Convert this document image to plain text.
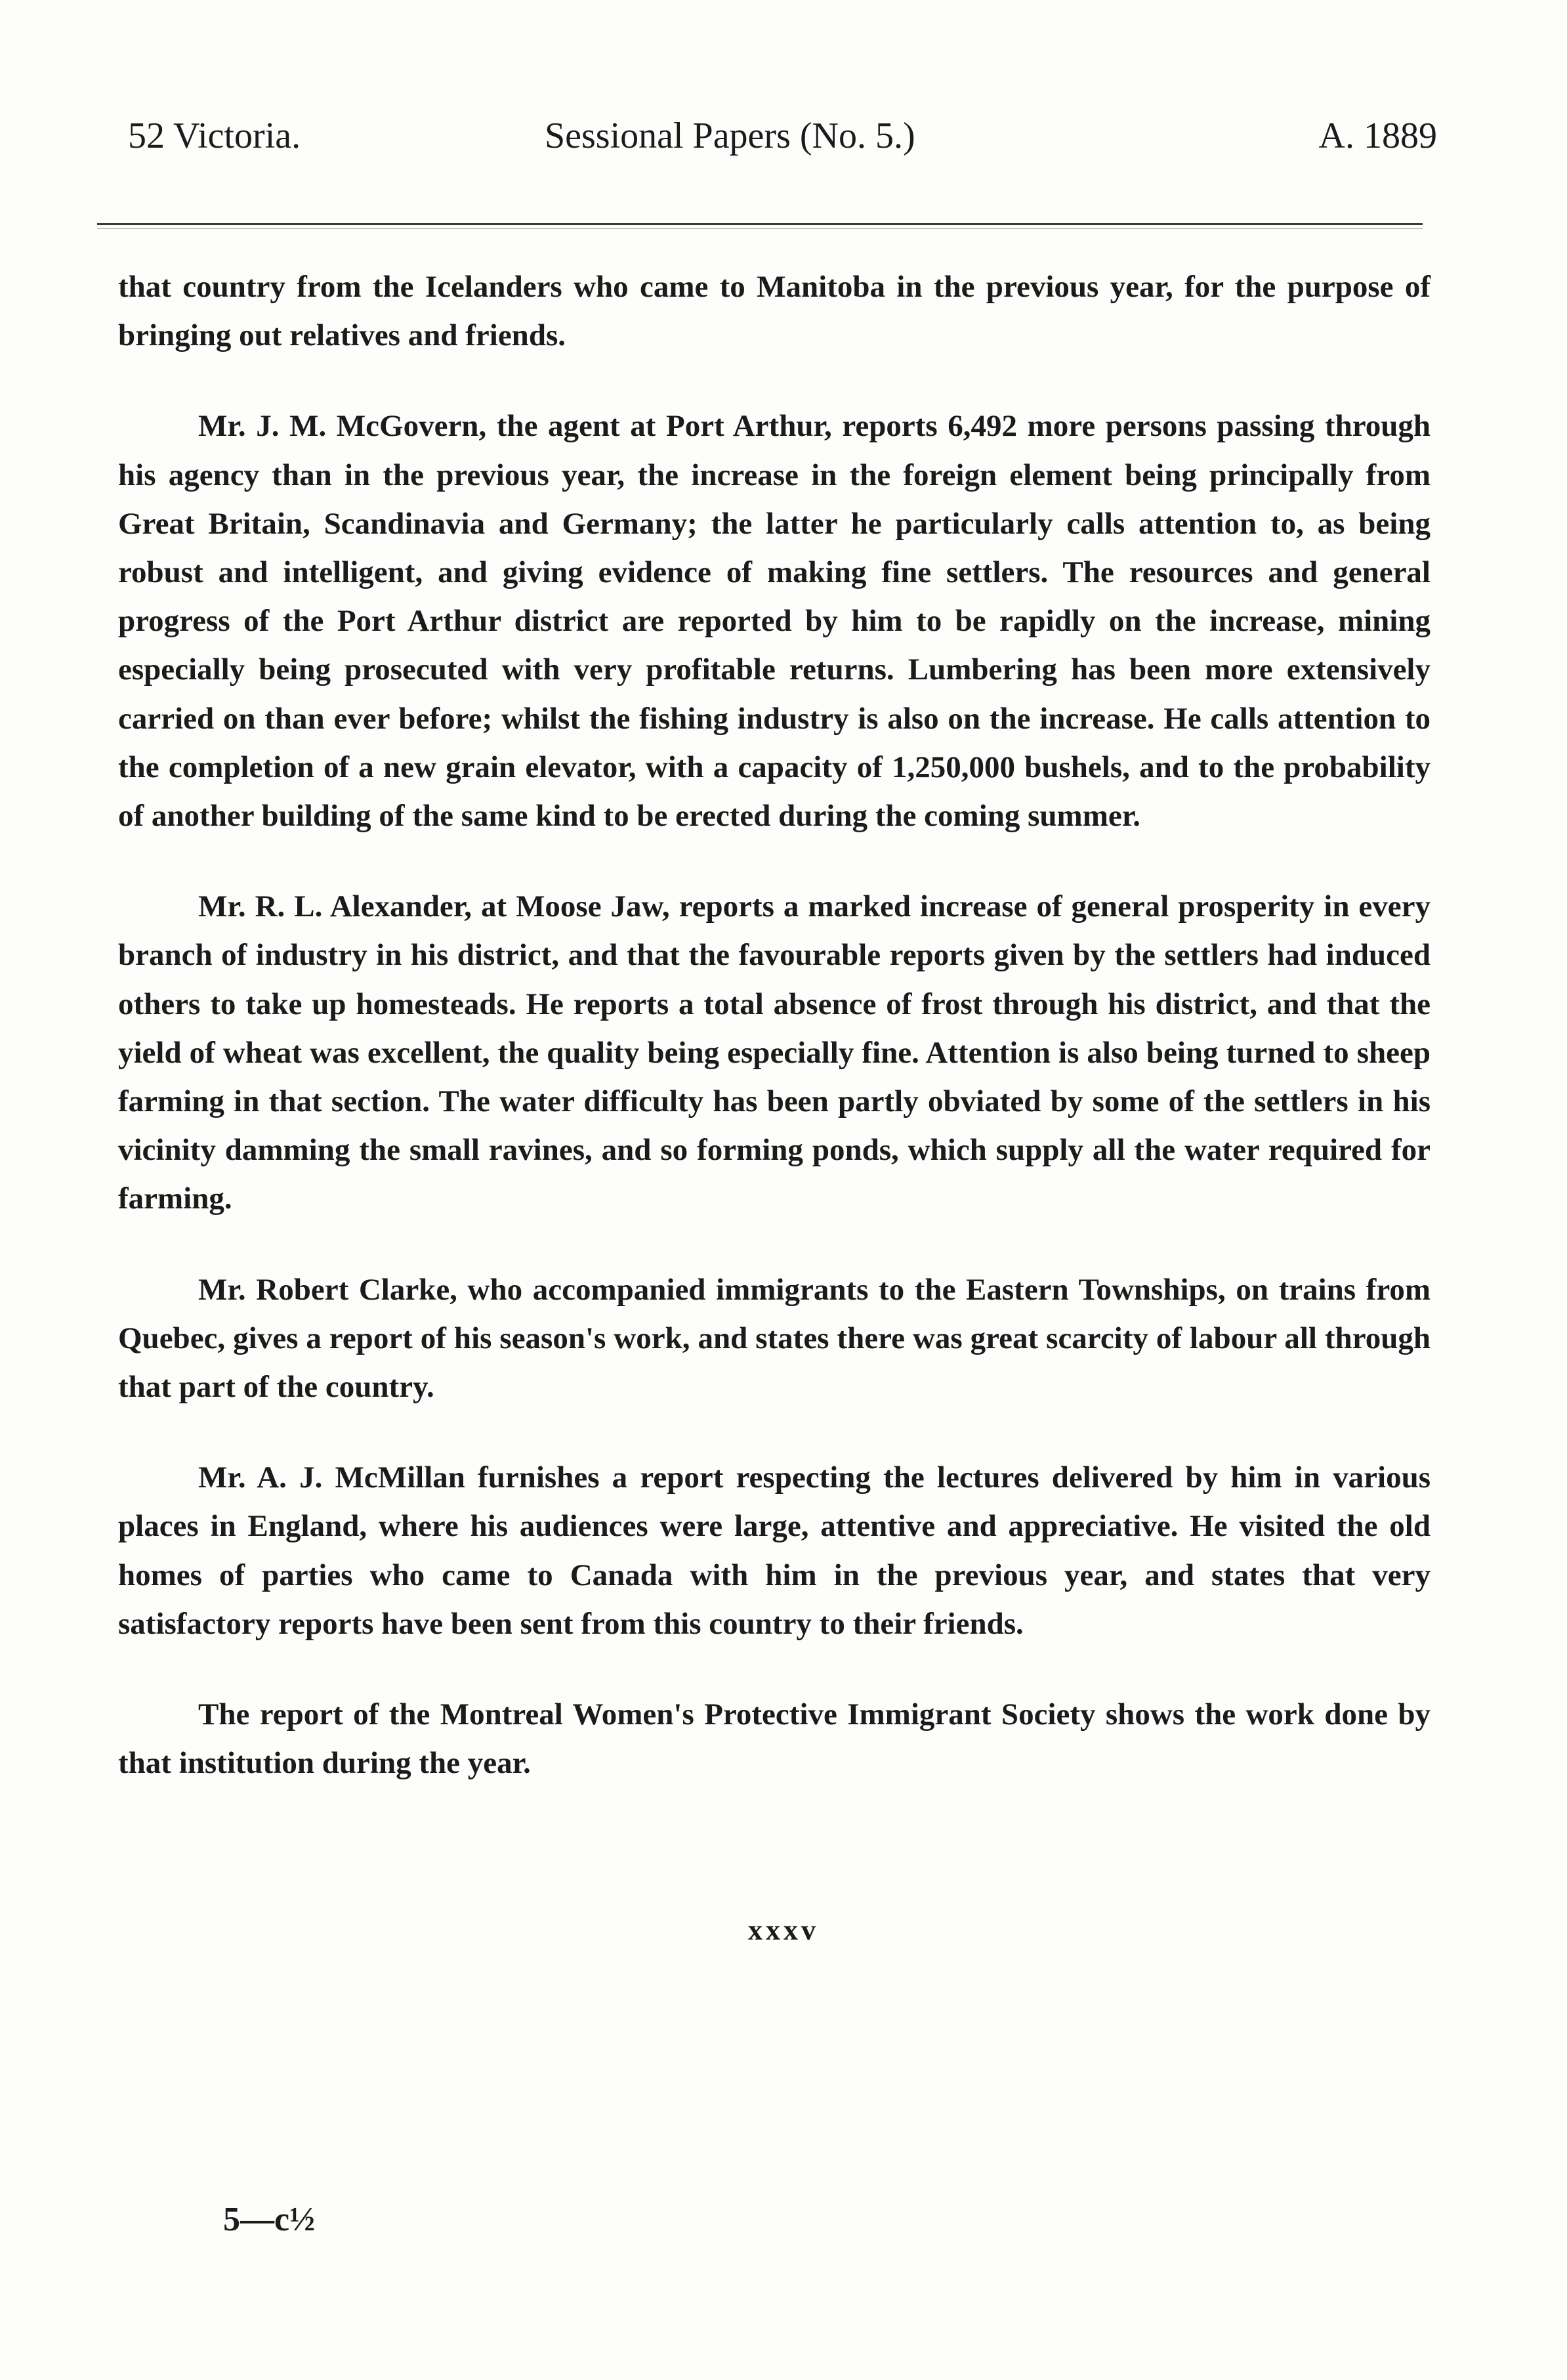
52 Victoria.	Sessional Papers (No. 5.)	A. 1889

that country from the Icelanders who came to Manitoba in the previous year, for the purpose of bringing out relatives and friends.

Mr. J. M. McGovern, the agent at Port Arthur, reports 6,492 more persons passing through his agency than in the previous year, the increase in the foreign element being principally from Great Britain, Scandinavia and Germany; the latter he particularly calls attention to, as being robust and intelligent, and giving evidence of making fine settlers. The resources and general progress of the Port Arthur district are reported by him to be rapidly on the increase, mining especially being prosecuted with very profitable returns. Lumbering has been more extensively carried on than ever before; whilst the fishing industry is also on the increase. He calls attention to the completion of a new grain elevator, with a capacity of 1,250,000 bushels, and to the probability of another building of the same kind to be erected during the coming summer.

Mr. R. L. Alexander, at Moose Jaw, reports a marked increase of general prosperity in every branch of industry in his district, and that the favourable reports given by the settlers had induced others to take up homesteads. He reports a total absence of frost through his district, and that the yield of wheat was excellent, the quality being especially fine. Attention is also being turned to sheep farming in that section. The water difficulty has been partly obviated by some of the settlers in his vicinity damming the small ravines, and so forming ponds, which supply all the water required for farming.

Mr. Robert Clarke, who accompanied immigrants to the Eastern Townships, on trains from Quebec, gives a report of his season's work, and states there was great scarcity of labour all through that part of the country.

Mr. A. J. McMillan furnishes a report respecting the lectures delivered by him in various places in England, where his audiences were large, attentive and appreciative. He visited the old homes of parties who came to Canada with him in the previous year, and states that very satisfactory reports have been sent from this country to their friends.

The report of the Montreal Women's Protective Immigrant Society shows the work done by that institution during the year.

xxxv
5—c½
